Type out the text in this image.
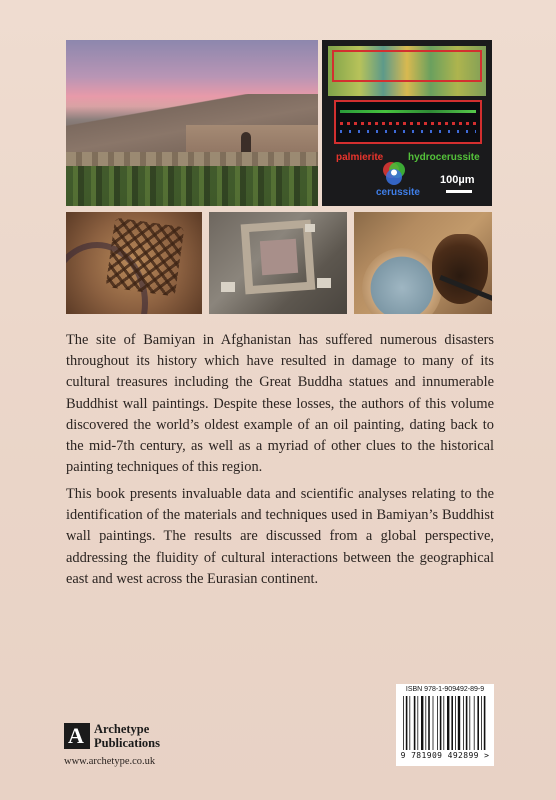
palmierite hydrocerussite
cerussite
100µm

The site of Bamiyan in Afghanistan has suffered numerous disasters throughout its history which have resulted in damage to many of its cultural treasures including the Great Buddha statues and innumerable Buddhist wall paintings. Despite these losses, the authors of this volume discovered the world’s oldest example of an oil painting, dating back to the mid-7th century, as well as a myriad of other clues to the historical painting techniques of this region.

This book presents invaluable data and scientific analyses relating to the identification of the materials and techniques used in Bamiyan’s Buddhist wall paintings. The results are discussed from a global perspective, addressing the fluidity of cultural interactions between the geographical east and west across the Eurasian continent.

A Archetype
Publications
www.archetype.co.uk
ISBN 978-1-909492-89-9
9 781909 492899 >
